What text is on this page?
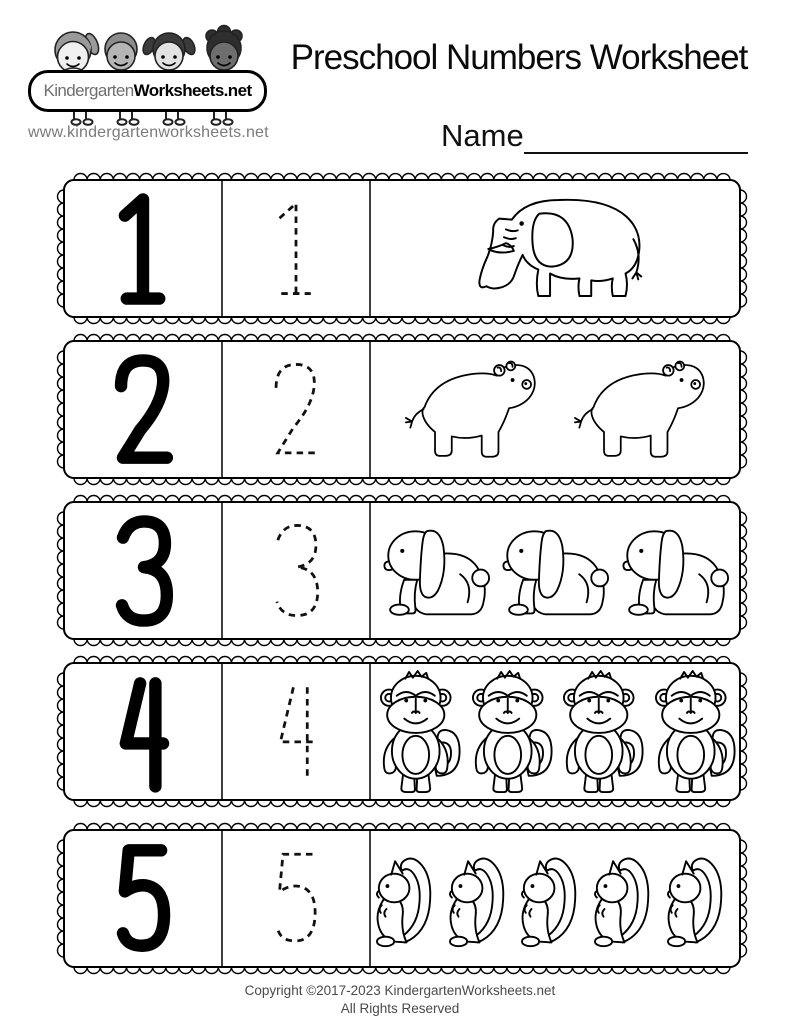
Kindergarten Worksheets.net
www.kindergartenworksheets.net
Preschool Numbers Worksheet
Name
Copyright ©2017-2023 KindergartenWorksheets.net
All Rights Reserved
